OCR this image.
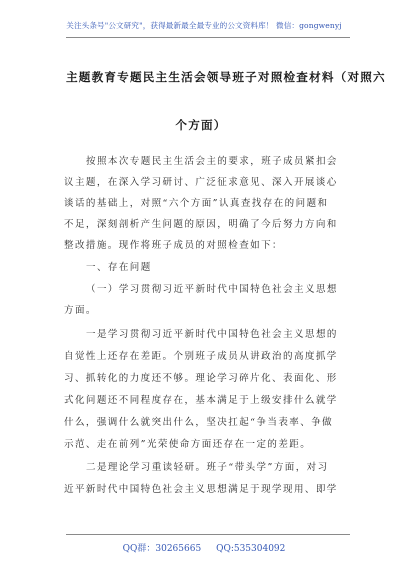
关注头条号"公文研究"，获得最新最全最专业的公文资料库！ 微信：gongwenyj
主题教育专题民主生活会领导班子对照检查材料（对照六
个方面）
按照本次专题民主生活会主的要求，班子成员紧扣会
议主题，在深入学习研讨、广泛征求意见、深入开展谈心
谈话的基础上，对照“六个方面”认真查找存在的问题和
不足，深刻剖析产生问题的原因，明确了今后努力方向和
整改措施。现作将班子成员的对照检查如下：
一、存在问题
（一）学习贯彻习近平新时代中国特色社会主义思想
方面。
一是学习贯彻习近平新时代中国特色社会主义思想的
自觉性上还存在差距。个别班子成员从讲政治的高度抓学
习、抓转化的力度还不够。理论学习碎片化、表面化、形
式化问题还不同程度存在，基本满足于上级安排什么就学
什么，强调什么就突出什么，坚决扛起“争当表率、争做
示范、走在前列”光荣使命方面还存在一定的差距。
二是理论学习重读轻研。班子“带头学”方面，对习
近平新时代中国特色社会主义思想满足于现学现用、即学
QQ群：30265665 QQ:535304092
